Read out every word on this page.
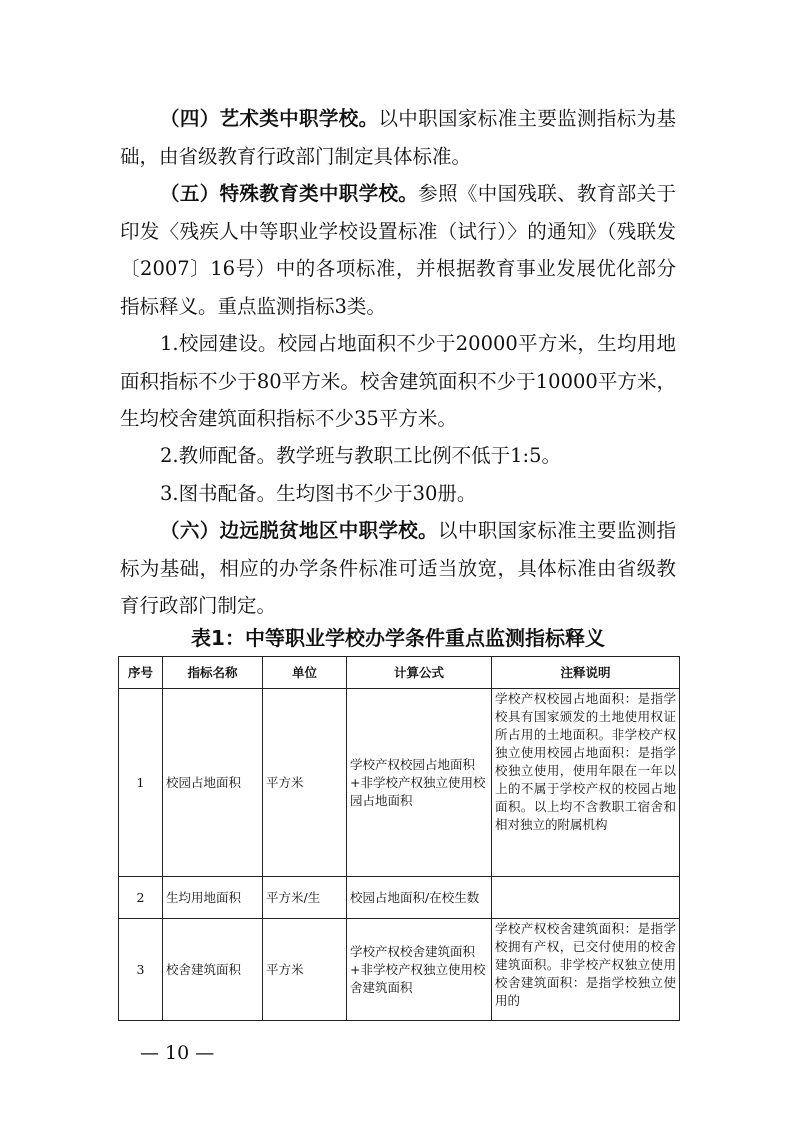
（四）艺术类中职学校。以中职国家标准主要监测指标为基础，由省级教育行政部门制定具体标准。

（五）特殊教育类中职学校。参照《中国残联、教育部关于印发〈残疾人中等职业学校设置标准（试行）〉的通知》（残联发〔2007〕16号）中的各项标准，并根据教育事业发展优化部分指标释义。重点监测指标3类。

1.校园建设。校园占地面积不少于20000平方米，生均用地面积指标不少于80平方米。校舍建筑面积不少于10000平方米，生均校舍建筑面积指标不少35平方米。

2.教师配备。教学班与教职工比例不低于1:5。

3.图书配备。生均图书不少于30册。

（六）边远脱贫地区中职学校。以中职国家标准主要监测指标为基础，相应的办学条件标准可适当放宽，具体标准由省级教育行政部门制定。

表1：中等职业学校办学条件重点监测指标释义

序号	指标名称	单位	计算公式	注释说明
1	校园占地面积	平方米	学校产权校园占地面积+非学校产权独立使用校园占地面积	学校产权校园占地面积：是指学校具有国家颁发的土地使用权证所占用的土地面积。非学校产权独立使用校园占地面积：是指学校独立使用，使用年限在一年以上的不属于学校产权的校园占地面积。以上均不含教职工宿舍和相对独立的附属机构
2	生均用地面积	平方米/生	校园占地面积/在校生数	
3	校舍建筑面积	平方米	学校产权校舍建筑面积+非学校产权独立使用校舍建筑面积	学校产权校舍建筑面积：是指学校拥有产权，已交付使用的校舍建筑面积。非学校产权独立使用校舍建筑面积：是指学校独立使用的
— 10 —
